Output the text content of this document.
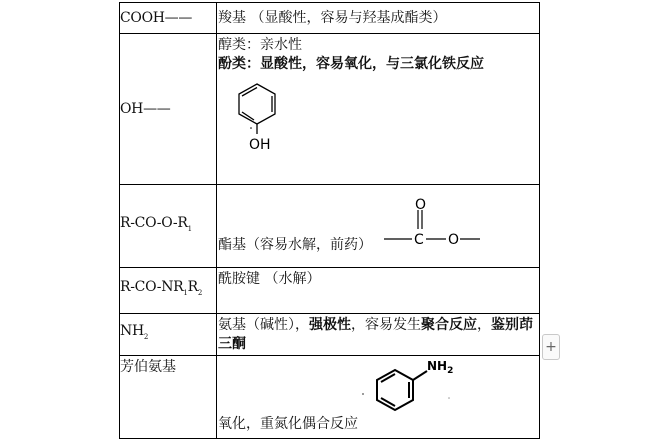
COOH——	羧基 （显酸性，容易与羟基成酯类）

OH——	醇类：亲水性
酚类：显酸性，容易氧化，与三氯化铁反应
OH

$R-CO-O-R_1$	酯基（容易水解，前药）
O
C O

$R-CO-NR_1R_2$	酰胺键 （水解）

$NH_2$	氨基（碱性），强极性，容易发生聚合反应，鉴别茚三酮

芳伯氨基	$NH_2$
氧化，重氮化偶合反应
+
